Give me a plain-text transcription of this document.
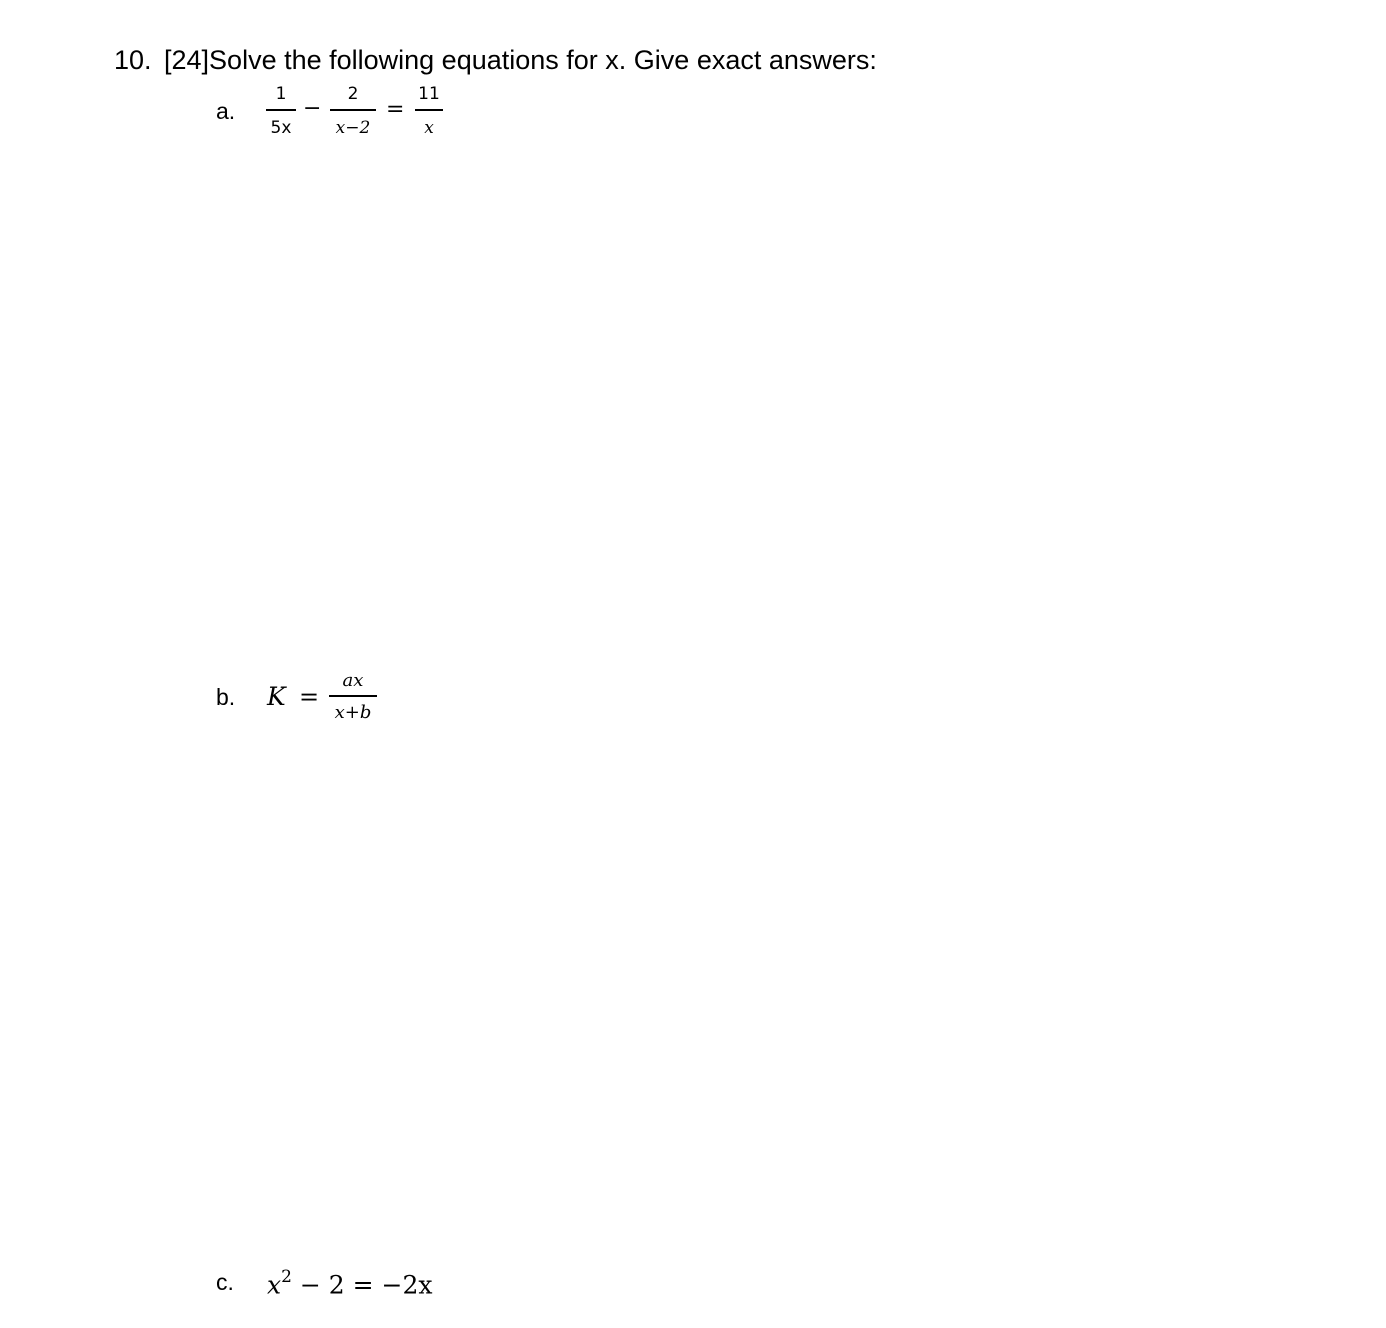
10. [24]Solve the following equations for x. Give exact answers:
a.
1
5x
−
2
x−2
=
11
x
b. K =
ax
x+b
c. $x^2 - 2 = -2x$
